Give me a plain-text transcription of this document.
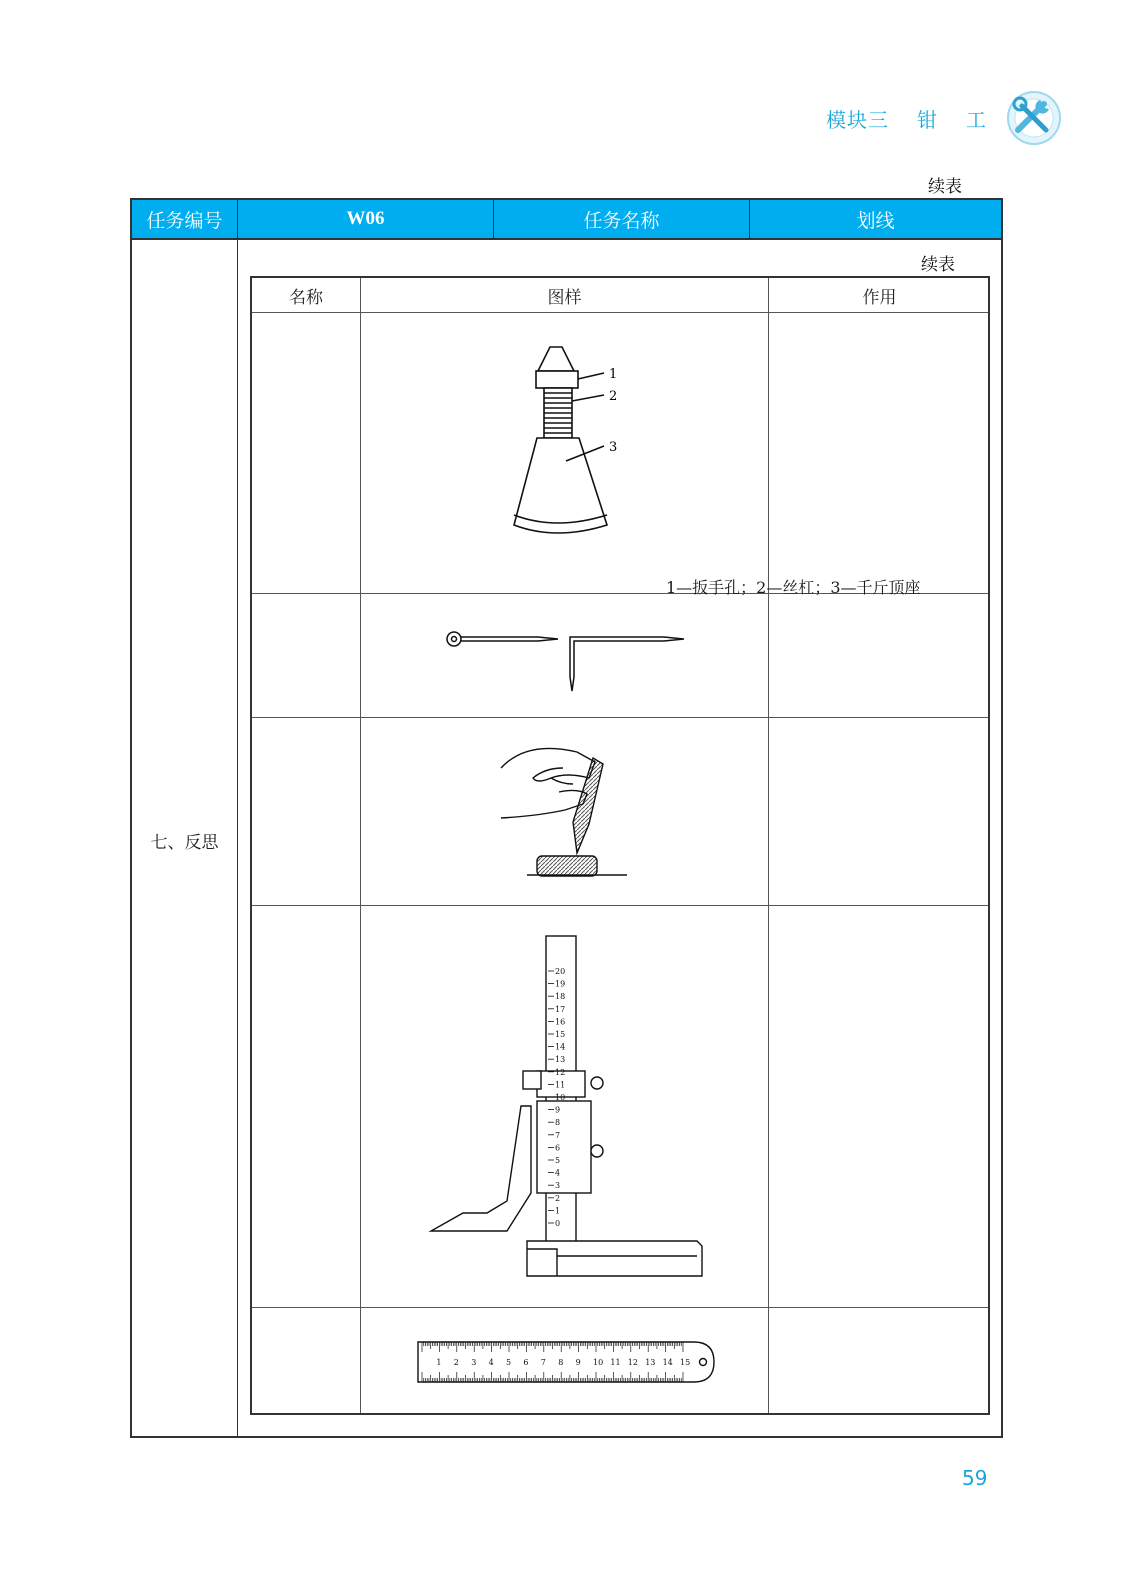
模块三 钳 工
续表
任务编号	W06	任务名称	划线
七、反思
续表
名称	图样	作用
1
2
3
1—扳手孔；2—丝杠；3—千斤顶座
20
19
18
17
16
15
14
13
12
11
10
9
8
7
6
5
4
3
2
1
0
1 2 3 4 5 6 7 8 9 10 11 12 13 14 15
59
